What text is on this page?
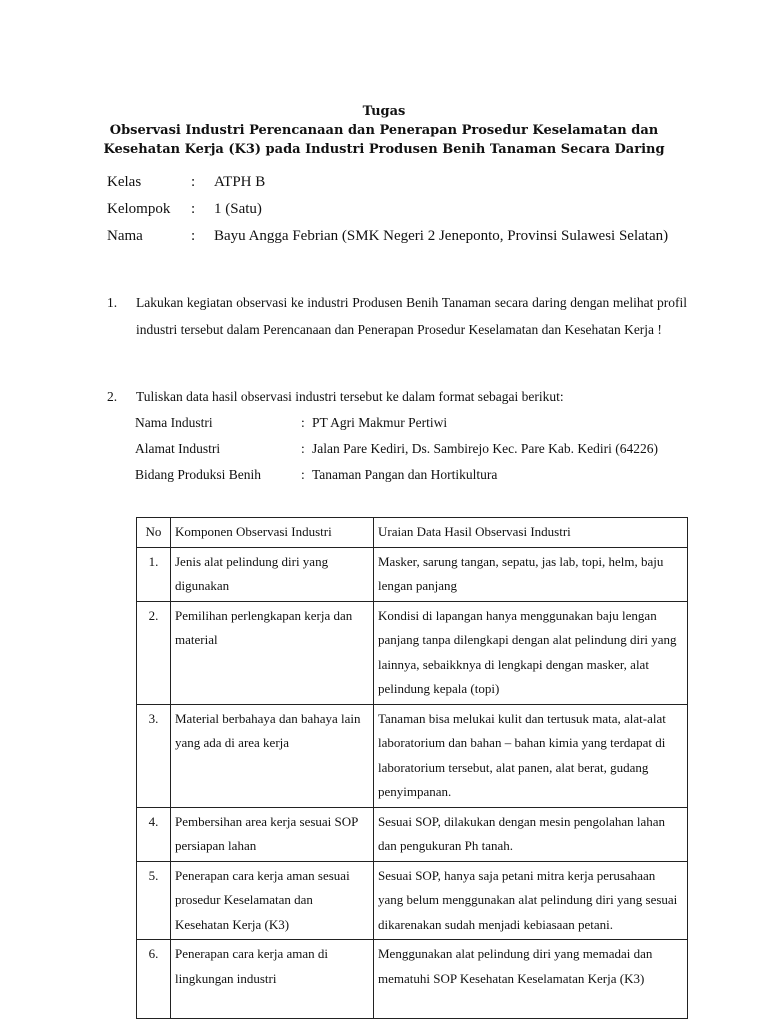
Tugas
Observasi Industri Perencanaan dan Penerapan Prosedur Keselamatan dan
Kesehatan Kerja (K3) pada Industri Produsen Benih Tanaman Secara Daring
Kelas	: ATPH B
Kelompok : 1 (Satu)
Nama	: Bayu Angga Febrian (SMK Negeri 2 Jeneponto, Provinsi Sulawesi Selatan)
1. Lakukan kegiatan observasi ke industri Produsen Benih Tanaman secara daring dengan melihat profil industri tersebut dalam Perencanaan dan Penerapan Prosedur Keselamatan dan Kesehatan Kerja !
2. Tuliskan data hasil observasi industri tersebut ke dalam format sebagai berikut:
Nama Industri	: PT Agri Makmur Pertiwi
Alamat Industri	: Jalan Pare Kediri, Ds. Sambirejo Kec. Pare Kab. Kediri (64226)
Bidang Produksi Benih	: Tanaman Pangan dan Hortikultura
No	Komponen Observasi Industri	Uraian Data Hasil Observasi Industri
1.	Jenis alat pelindung diri yang digunakan	Masker, sarung tangan, sepatu, jas lab, topi, helm, baju lengan panjang
2.	Pemilihan perlengkapan kerja dan material	Kondisi di lapangan hanya menggunakan baju lengan panjang tanpa dilengkapi dengan alat pelindung diri yang lainnya, sebaikknya di lengkapi dengan masker, alat pelindung kepala (topi)
3.	Material berbahaya dan bahaya lain yang ada di area kerja	Tanaman bisa melukai kulit dan tertusuk mata, alat-alat laboratorium dan bahan – bahan kimia yang terdapat di laboratorium tersebut, alat panen, alat berat, gudang penyimpanan.
4.	Pembersihan area kerja sesuai SOP persiapan lahan	Sesuai SOP, dilakukan dengan mesin pengolahan lahan dan pengukuran Ph tanah.
5.	Penerapan cara kerja aman sesuai prosedur Keselamatan dan Kesehatan Kerja (K3)	Sesuai SOP, hanya saja petani mitra kerja perusahaan yang belum menggunakan alat pelindung diri yang sesuai dikarenakan sudah menjadi kebiasaan petani.
6.	Penerapan cara kerja aman di lingkungan industri	Menggunakan alat pelindung diri yang memadai dan mematuhi SOP Kesehatan Keselamatan Kerja (K3)
